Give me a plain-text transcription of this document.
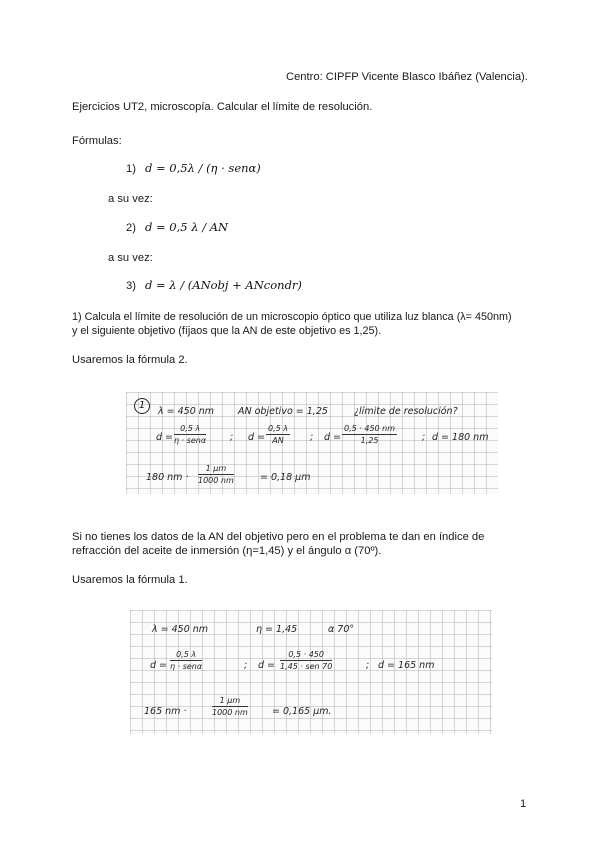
Centro: CIPFP Vicente Blasco Ibáñez (Valencia).
Ejercicios UT2, microscopía. Calcular el límite de resolución.
Fórmulas:
1) d = 0,5λ / (η · senα)
a su vez:
2) d = 0,5 λ / AN
a su vez:
3) d = λ / (ANobj + ANcondr)
1) Calcula el límite de resolución de un microscopio óptico que utiliza luz blanca (λ= 450nm)
y el siguiente objetivo (fíjaos que la AN de este objetivo es 1,25).
Usaremos la fórmula 2.
1
λ = 450 nm	AN objetivo = 1,25	¿límite de resolución?
d =
0,5 λ
η · senα	; $d = \frac{0,5 \lambda}{AN}$ ; $d = \frac{0,5 \cdot 450 nm}{1,25}$	; d = 180 nm
180 nm · $\frac{1 \mu m}{1000 nm}$	= 0,18 μm
Si no tienes los datos de la AN del objetivo pero en el problema te dan en índice de
refracción del aceite de inmersión (η=1,45) y el ángulo α (70º).
Usaremos la fórmula 1.
λ = 450 nm	η = 1,45	α 70°
d =
0,5 λ
η · senα	; d =
0,5 · 450
1,45 · sen 70	; d = 165 nm
165 nm ·	$\frac{1 \mu m}{1000 nm}$	= 0,165 μm.
1
